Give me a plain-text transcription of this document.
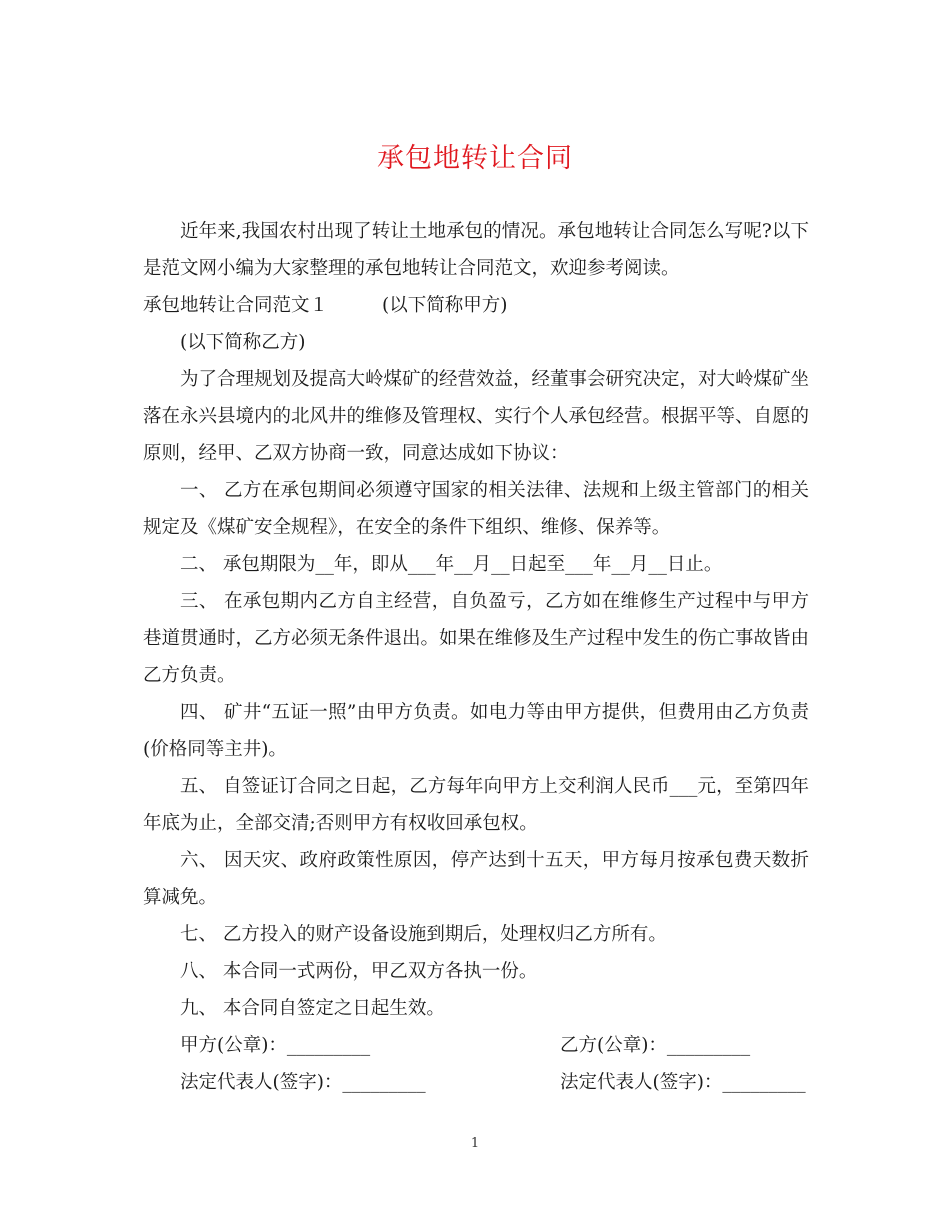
承包地转让合同

近年来,我国农村出现了转让土地承包的情况。承包地转让合同怎么写呢?以下是范文网小编为大家整理的承包地转让合同范文，欢迎参考阅读。

承包地转让合同范文１	(以下简称甲方)

(以下简称乙方)

为了合理规划及提高大岭煤矿的经营效益，经董事会研究决定，对大岭煤矿坐落在永兴县境内的北风井的维修及管理权、实行个人承包经营。根据平等、自愿的原则，经甲、乙双方协商一致，同意达成如下协议：

一、 乙方在承包期间必须遵守国家的相关法律、法规和上级主管部门的相关规定及《煤矿安全规程》，在安全的条件下组织、维修、保养等。

二、 承包期限为__年，即从___年__月__日起至___年__月__日止。

三、 在承包期内乙方自主经营，自负盈亏，乙方如在维修生产过程中与甲方巷道贯通时，乙方必须无条件退出。如果在维修及生产过程中发生的伤亡事故皆由乙方负责。

四、 矿井“五证一照”由甲方负责。如电力等由甲方提供，但费用由乙方负责(价格同等主井)。

五、 自签证订合同之日起，乙方每年向甲方上交利润人民币___元，至第四年年底为止，全部交清;否则甲方有权收回承包权。

六、 因天灾、政府政策性原因，停产达到十五天，甲方每月按承包费天数折算减免。

七、 乙方投入的财产设备设施到期后，处理权归乙方所有。

八、 本合同一式两份，甲乙双方各执一份。

九、 本合同自签定之日起生效。

甲方(公章)：_________	乙方(公章)：_________
法定代表人(签字)：_________	法定代表人(签字)：_________
1
